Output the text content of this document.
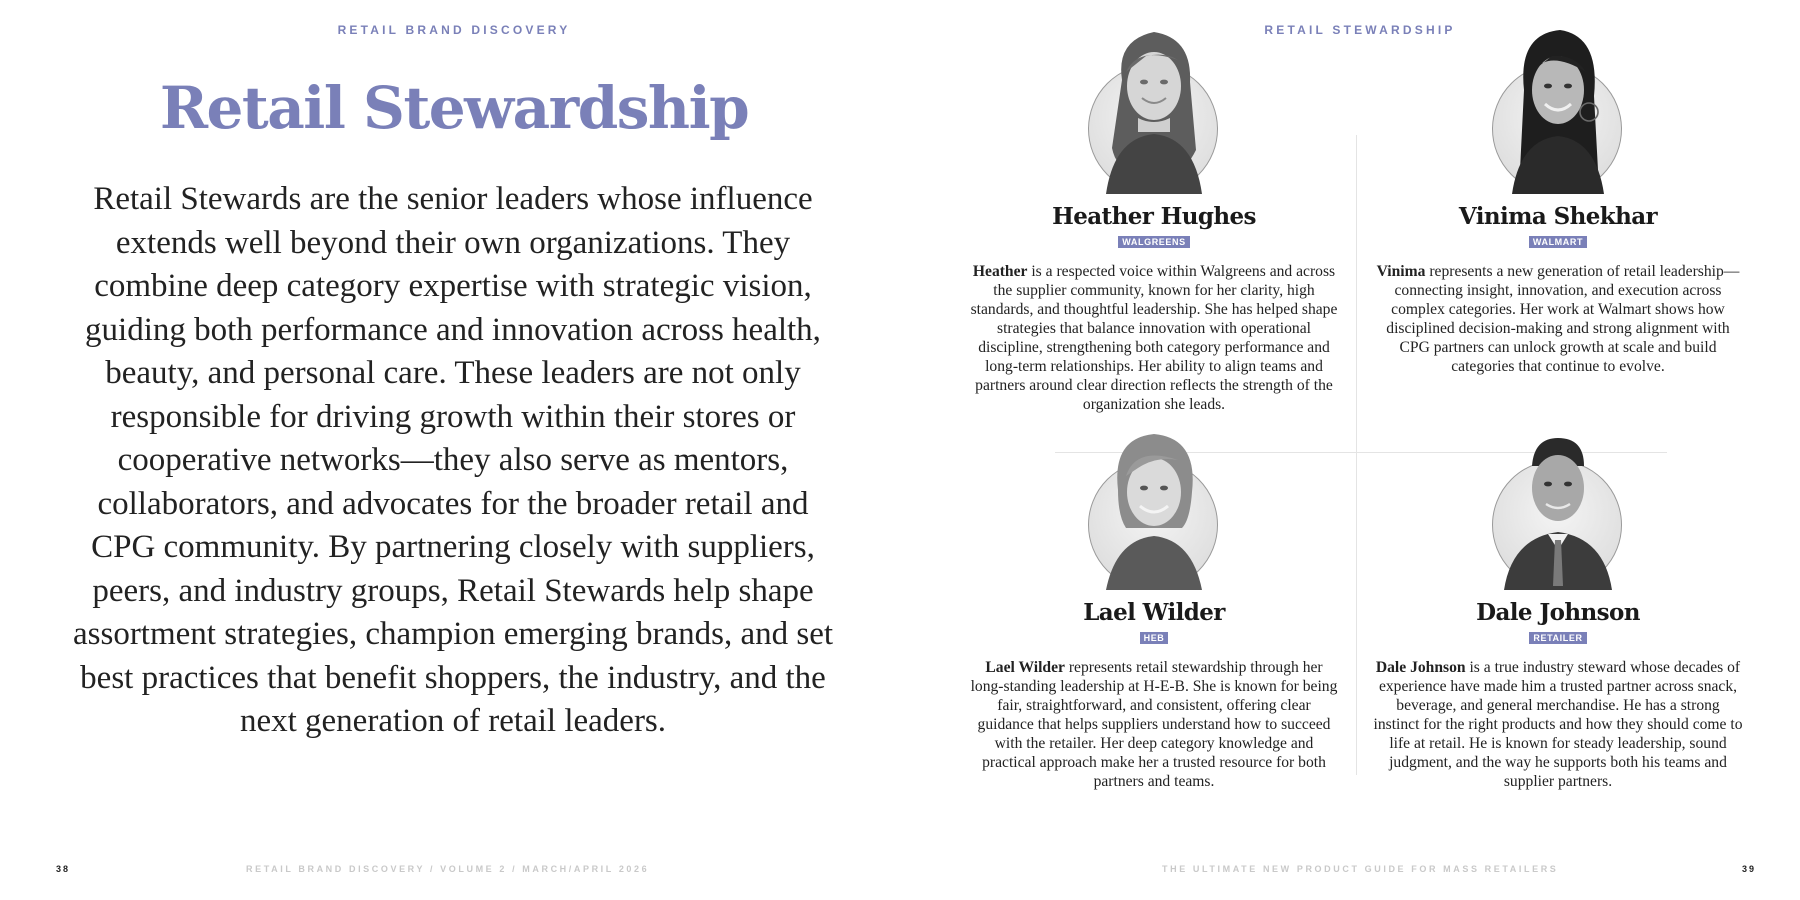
RETAIL BRAND DISCOVERY
Retail Stewardship

Retail Stewards are the senior leaders whose influence extends well beyond their own organizations. They combine deep category expertise with strategic vision, guiding both performance and innovation across health, beauty, and personal care. These leaders are not only responsible for driving growth within their stores or cooperative networks—they also serve as mentors, collaborators, and advocates for the broader retail and CPG community. By partnering closely with suppliers, peers, and industry groups, Retail Stewards help shape assortment strategies, champion emerging brands, and set best practices that benefit shoppers, the industry, and the next generation of retail leaders.

38	RETAIL BRAND DISCOVERY / VOLUME 2 / MARCH/APRIL 2026
RETAIL STEWARDSHIP
Heather Hughes
WALGREENS

Heather is a respected voice within Walgreens and across the supplier community, known for her clarity, high standards, and thoughtful leadership. She has helped shape strategies that balance innovation with operational discipline, strengthening both category performance and long-term relationships. Her ability to align teams and partners around clear direction reflects the strength of the organization she leads.

Vinima Shekhar
WALMART

Vinima represents a new generation of retail leadership—connecting insight, innovation, and execution across complex categories. Her work at Walmart shows how disciplined decision-making and strong alignment with CPG partners can unlock growth at scale and build categories that continue to evolve.

Lael Wilder
HEB

Lael Wilder represents retail stewardship through her long-standing leadership at H-E-B. She is known for being fair, straightforward, and consistent, offering clear guidance that helps suppliers understand how to succeed with the retailer. Her deep category knowledge and practical approach make her a trusted resource for both partners and teams.

Dale Johnson
RETAILER

Dale Johnson is a true industry steward whose decades of experience have made him a trusted partner across snack, beverage, and general merchandise. He has a strong instinct for the right products and how they should come to life at retail. He is known for steady leadership, sound judgment, and the way he supports both his teams and supplier partners.

39
THE ULTIMATE NEW PRODUCT GUIDE FOR MASS RETAILERS
